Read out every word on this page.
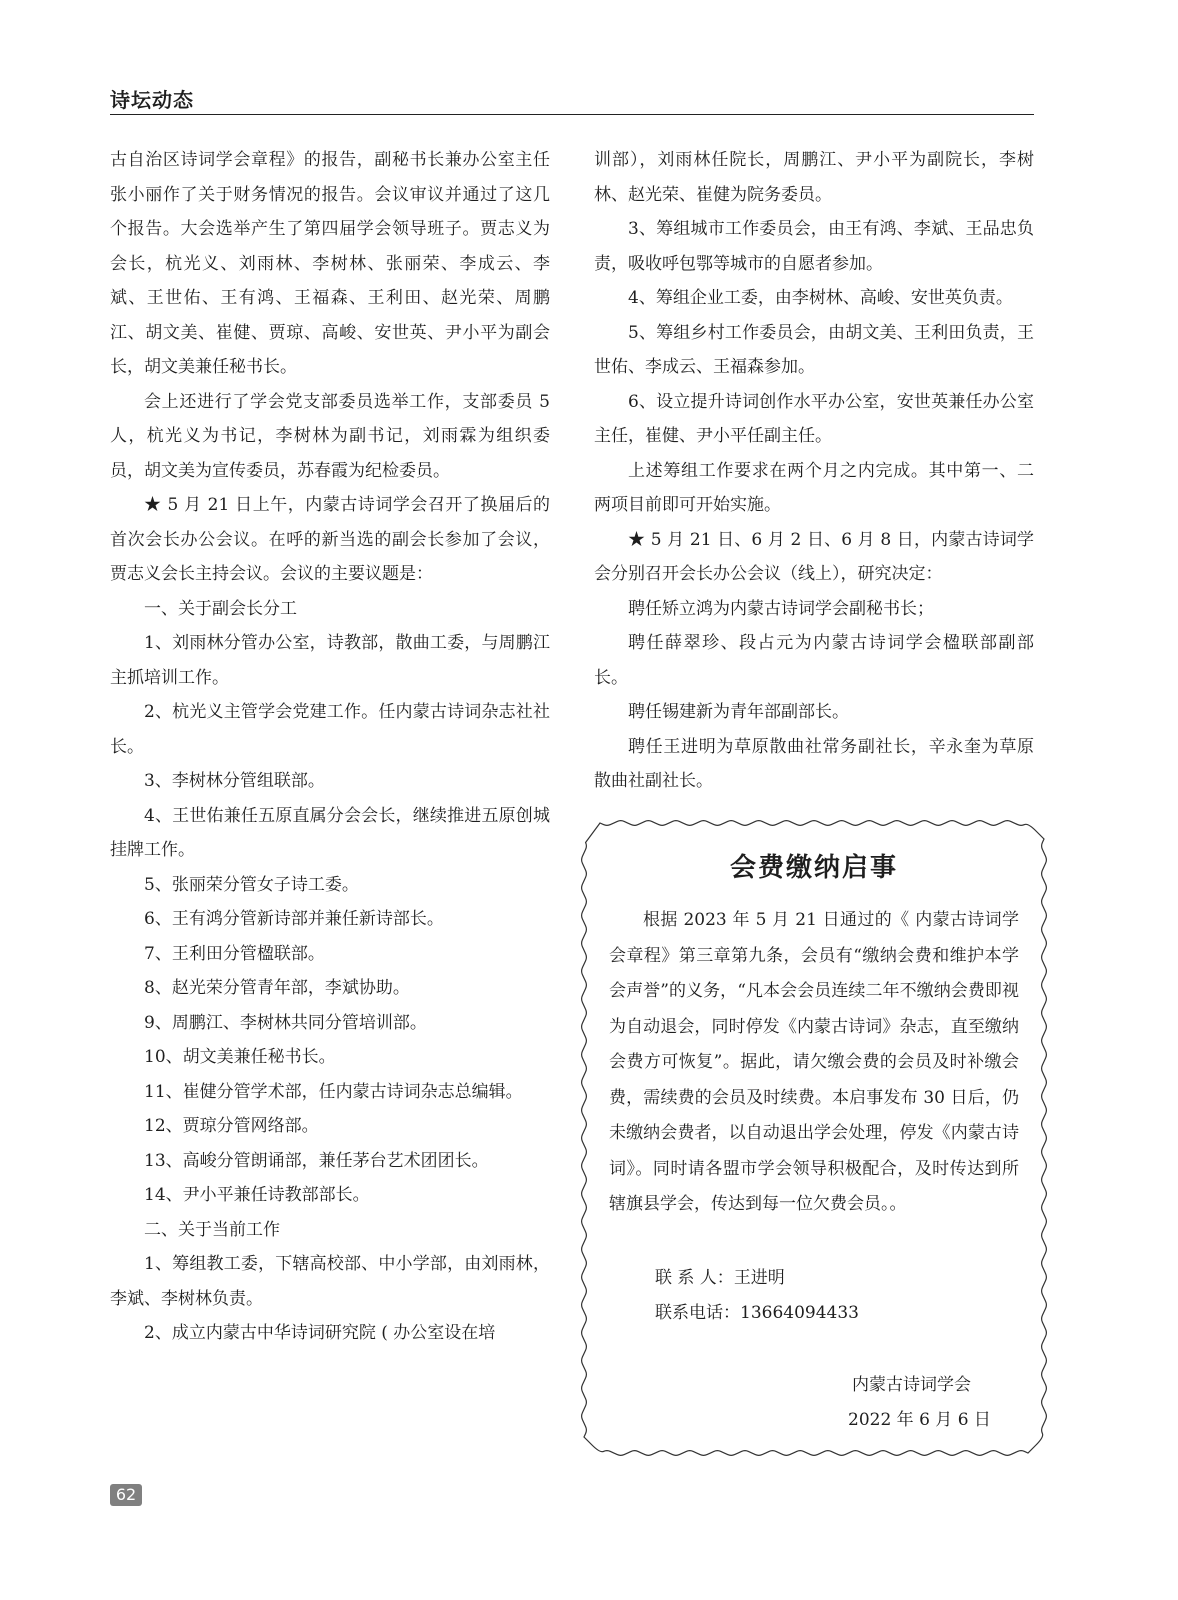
诗坛动态

古自治区诗词学会章程》的报告，副秘书长兼办公室主任张小丽作了关于财务情况的报告。会议审议并通过了这几个报告。大会选举产生了第四届学会领导班子。贾志义为会长，杭光义、刘雨林、李树林、张丽荣、李成云、李斌、王世佑、王有鸿、王福森、王利田、赵光荣、周鹏江、胡文美、崔健、贾琼、高峻、安世英、尹小平为副会长，胡文美兼任秘书长。

会上还进行了学会党支部委员选举工作，支部委员 5 人，杭光义为书记，李树林为副书记，刘雨霖为组织委员，胡文美为宣传委员，苏春霞为纪检委员。

★ 5 月 21 日上午，内蒙古诗词学会召开了换届后的首次会长办公会议。在呼的新当选的副会长参加了会议，贾志义会长主持会议。会议的主要议题是：

一、关于副会长分工

1、刘雨林分管办公室，诗教部，散曲工委，与周鹏江主抓培训工作。

2、杭光义主管学会党建工作。任内蒙古诗词杂志社社长。

3、李树林分管组联部。

4、王世佑兼任五原直属分会会长，继续推进五原创城挂牌工作。

5、张丽荣分管女子诗工委。

6、王有鸿分管新诗部并兼任新诗部长。

7、王利田分管楹联部。

8、赵光荣分管青年部，李斌协助。

9、周鹏江、李树林共同分管培训部。

10、胡文美兼任秘书长。

11、崔健分管学术部，任内蒙古诗词杂志总编辑。

12、贾琼分管网络部。

13、高峻分管朗诵部，兼任茅台艺术团团长。

14、尹小平兼任诗教部部长。

二、关于当前工作

1、筹组教工委，下辖高校部、中小学部，由刘雨林，李斌、李树林负责。

2、成立内蒙古中华诗词研究院 ( 办公室设在培

训部），刘雨林任院长，周鹏江、尹小平为副院长，李树林、赵光荣、崔健为院务委员。

3、筹组城市工作委员会，由王有鸿、李斌、王品忠负责，吸收呼包鄂等城市的自愿者参加。

4、筹组企业工委，由李树林、高峻、安世英负责。

5、筹组乡村工作委员会，由胡文美、王利田负责，王世佑、李成云、王福森参加。

6、设立提升诗词创作水平办公室，安世英兼任办公室主任，崔健、尹小平任副主任。

上述筹组工作要求在两个月之内完成。其中第一、二两项目前即可开始实施。

★ 5 月 21 日、6 月 2 日、6 月 8 日，内蒙古诗词学会分别召开会长办公会议（线上），研究决定：

聘任矫立鸿为内蒙古诗词学会副秘书长；

聘任薛翠珍、段占元为内蒙古诗词学会楹联部副部长。

聘任锡建新为青年部副部长。

聘任王进明为草原散曲社常务副社长，辛永奎为草原散曲社副社长。

会费缴纳启事

根据 2023 年 5 月 21 日通过的《 内蒙古诗词学会章程》第三章第九条，会员有“缴纳会费和维护本学会声誉”的义务，“凡本会会员连续二年不缴纳会费即视为自动退会，同时停发《内蒙古诗词》杂志，直至缴纳会费方可恢复”。据此，请欠缴会费的会员及时补缴会费，需续费的会员及时续费。本启事发布 30 日后，仍未缴纳会费者，以自动退出学会处理，停发《内蒙古诗词》。同时请各盟市学会领导积极配合，及时传达到所辖旗县学会，传达到每一位欠费会员。。

联 系 人：王进明
联系电话：13664094433
内蒙古诗词学会
2022 年 6 月 6 日
62
